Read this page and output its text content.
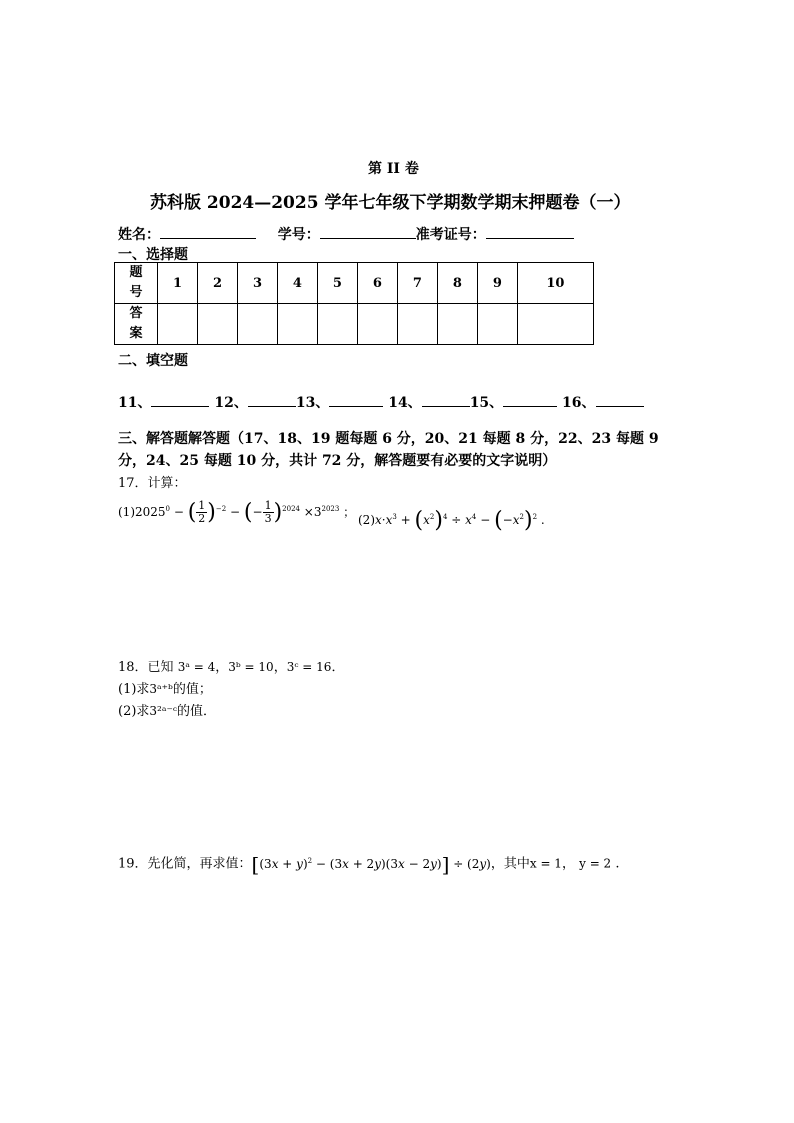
第 II 卷
苏科版 2024—2025 学年七年级下学期数学期末押题卷（一）
姓名：	学号：	准考证号：
一、选择题
题
号	1	2	3	4	5	6	7	8	9	10
答
案										
二、填空题
11、	12、	13、	14、	15、	16、
三、解答题解答题（17、18、19 题每题 6 分，20、21 每题 8 分，22、23 每题 9
分，24、25 每题 10 分，共计 72 分，解答题要有必要的文字说明）
17．计算：
$(1)2025^0$ − ( $\frac{1}{2} )^{-2}$ − (− $\frac{1}{3} )^{2024} \times 3^{2023}$ ；
$(2)x\cdot x^3 + (x^2)^4 \div x^4 - (-x^2)^2$ .
18．已知 3ᵃ = 4，3ᵇ = 10，3ᶜ = 16．
(1)求3ᵃ⁺ᵇ的值；
(2)求3²ᵃ⁻ᶜ的值．
19．先化简，再求值：$[(3x + y)^2 - (3x + 2y)(3x - 2y)] \div (2y)$，其中x = 1， y = 2 .
